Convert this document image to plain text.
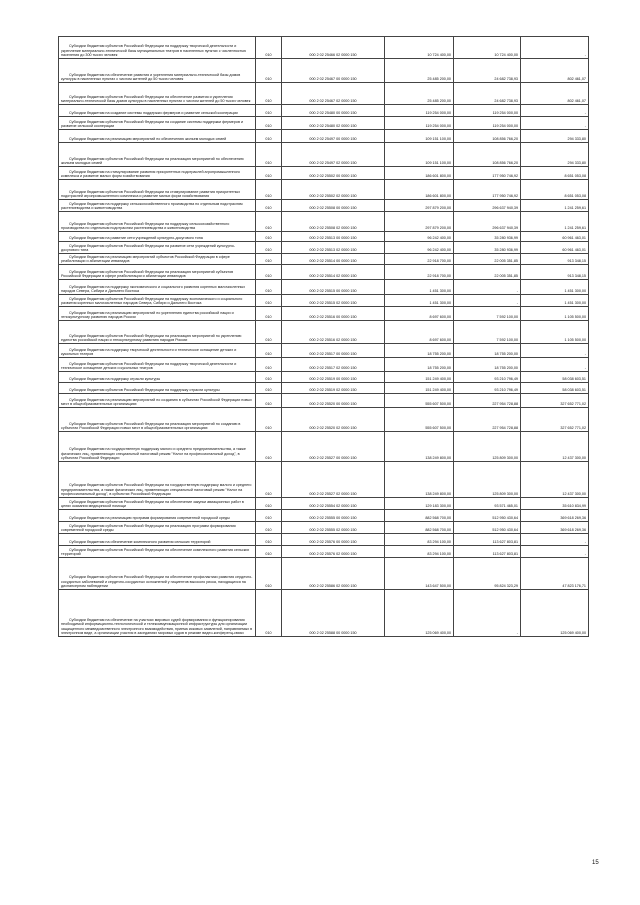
Субсидии бюджетам субъектов Российской Федерации на поддержку творческой деятельности и укрепление материально-технической базы муниципальных театров в населенных пунктах с численностью населения до 300 тысяч человек	010	000 2 02 25466 02 0000 150	10 724 400,00	10 724 400,00	-
Субсидии бюджетам на обеспечение развития и укрепления материально-технической базы домов культуры в населенных пунктах с числом жителей до 50 тысяч человек	010	000 2 02 25467 00 0000 150	25 485 200,00	24 682 738,93	802 461,07
Субсидии бюджетам субъектов Российской Федерации на обеспечение развития и укрепления материально-технической базы домов культуры в населенных пунктах с числом жителей до 50 тысяч человек	010	000 2 02 25467 02 0000 150	25 485 200,00	24 682 738,93	802 461,07
Субсидии бюджетам на создание системы поддержки фермеров и развитие сельской кооперации	010	000 2 02 25480 00 0000 150	119 254 000,00	119 254 000,00	-
Субсидии бюджетам субъектов Российской Федерации на создание системы поддержки фермеров и развитие сельской кооперации	010	000 2 02 25480 02 0000 150	119 254 000,00	119 254 000,00	-
Субсидии бюджетам на реализацию мероприятий по обеспечению жильем молодых семей	010	000 2 02 25497 00 0000 150	109 151 100,00	108 856 766,20	294 333,80
Субсидии бюджетам субъектов Российской Федерации на реализацию мероприятий по обеспечению жильем молодых семей	010	000 2 02 25497 02 0000 150	109 151 100,00	108 856 766,20	294 333,80
Субсидии бюджетам на стимулирование развития приоритетных подотраслей агропромышленного комплекса и развитие малых форм хозяйствования	010	000 2 02 25502 00 0000 150	186 601 800,00	177 950 746,92	8 651 053,08
Субсидии бюджетам субъектов Российской Федерации на стимулирование развития приоритетных подотраслей агропромышленного комплекса и развитие малых форм хозяйствования	010	000 2 02 25502 02 0000 150	186 601 800,00	177 950 746,92	8 651 053,08
Субсидии бюджетам на поддержку сельскохозяйственного производства по отдельным подотраслям растениеводства и животноводства	010	000 2 02 25508 00 0000 150	297 879 200,00	296 637 940,39	1 241 259,61
Субсидии бюджетам субъектов Российской Федерации на поддержку сельскохозяйственного производства по отдельным подотраслям растениеводства и животноводства	010	000 2 02 25508 02 0000 150	297 879 200,00	296 637 940,39	1 241 259,61
Субсидии бюджетам на развитие сети учреждений культурно-досугового типа	010	000 2 02 25513 00 0000 150	96 242 400,00	35 280 936,99	60 961 463,01
Субсидии бюджетам субъектов Российской Федерации на развитие сети учреждений культурно-досугового типа	010	000 2 02 25513 02 0000 150	96 242 400,00	35 280 936,99	60 961 463,01
Субсидии бюджетам на реализацию мероприятий субъектов Российской Федерации в сфере реабилитации и абилитации инвалидов	010	000 2 02 25514 00 0000 150	22 918 700,00	22 005 351,85	913 348,15
Субсидии бюджетам субъектов Российской Федерации на реализацию мероприятий субъектов Российской Федерации в сфере реабилитации и абилитации инвалидов	010	000 2 02 25514 02 0000 150	22 918 700,00	22 005 351,85	913 348,15
Субсидии бюджетам на поддержку экономического и социального развития коренных малочисленных народов Севера, Сибири и Дальнего Востока	010	000 2 02 25515 00 0000 150	1 451 300,00	-	1 451 300,00
Субсидии бюджетам субъектов Российской Федерации на поддержку экономического и социального развития коренных малочисленных народов Севера, Сибири и Дальнего Востока	010	000 2 02 25515 02 0000 150	1 451 300,00	-	1 451 300,00
Субсидии бюджетам на реализацию мероприятий по укреплению единства российской нации и этнокультурному развитию народов России	010	000 2 02 25516 00 0000 150	8 697 600,00	7 592 100,00	1 105 500,00
Субсидии бюджетам субъектов Российской Федерации на реализацию мероприятий по укреплению единства российской нации и этнокультурному развитию народов России	010	000 2 02 25516 02 0000 150	8 697 600,00	7 592 100,00	1 105 500,00
Субсидии бюджетам на поддержку творческой деятельности и техническое оснащение детских и кукольных театров	010	000 2 02 25517 00 0000 150	18 755 200,00	18 755 200,00	-
Субсидии бюджетам субъектов Российской Федерации на поддержку творческой деятельности и техническое оснащение детских и кукольных театров	010	000 2 02 25517 02 0000 150	18 755 200,00	18 755 200,00	-
Субсидии бюджетам на поддержку отрасли культуры	010	000 2 02 25519 00 0000 150	151 249 400,00	93 210 796,49	58 038 603,51
Субсидии бюджетам субъектов Российской Федерации на поддержку отрасли культуры	010	000 2 02 25519 02 0000 150	151 249 400,00	93 210 796,49	58 038 603,51
Субсидии бюджетам на реализацию мероприятий по созданию в субъектах Российской Федерации новых мест в общеобразовательных организациях	010	000 2 02 25520 00 0000 150	555 607 500,00	227 954 728,88	327 652 771,02
Субсидии бюджетам субъектов Российской Федерации на реализацию мероприятий по созданию в субъектах Российской Федерации новых мест в общеобразовательных организациях	010	000 2 02 25520 02 0000 150	555 607 500,00	227 954 728,88	327 652 771,02
Субсидии бюджетам на государственную поддержку малого и среднего предпринимательства, а также физических лиц, применяющих специальный налоговый режим "Налог на профессиональный доход", в субъектах Российской Федерации	010	000 2 02 25527 00 0000 150	138 249 800,00	125 809 300,00	12 437 300,00
Субсидии бюджетам субъектов Российской Федерации на государственную поддержку малого и среднего предпринимательства, а также физических лиц, применяющих специальный налоговый режим "Налог на профессиональный доход", в субъектах Российской Федерации	010	000 2 02 25527 02 0000 150	138 249 800,00	125 809 300,00	12 437 300,00
Субсидии бюджетам субъектов Российской Федерации на обеспечение закупки авиационных работ в целях оказания медицинской помощи	010	000 2 02 25554 02 0000 150	129 183 300,00	93 571 465,01	35 610 834,99
Субсидии бюджетам на реализацию программ формирования современной городской среды	010	000 2 02 25555 00 0000 150	882 568 700,00	512 950 430,64	369 618 269,36
Субсидии бюджетам субъектов Российской Федерации на реализацию программ формирования современной городской среды	010	000 2 02 25555 02 0000 150	882 568 700,00	512 950 430,64	369 618 269,36
Субсидии бюджетам на обеспечение комплексного развития сельских территорий	010	000 2 02 25576 00 0000 150	83 294 100,00	113 627 803,81	-
Субсидии бюджетам субъектов Российской Федерации на обеспечение комплексного развития сельских территорий	010	000 2 02 25576 02 0000 150	83 294 100,00	113 627 803,81	-
Субсидии бюджетам субъектов Российской Федерации на обеспечение профилактики развития сердечно-сосудистых заболеваний и сердечно-сосудистых осложнений у пациентов высокого риска, находящихся на диспансерном наблюдении	010	000 2 02 25586 02 0000 150	143 647 500,00	95 824 323,29	47 823 176,71
Субсидии бюджетам на обеспечение на участках мировых судей формирования и функционирования необходимой информационно-технологической и телекоммуникационной инфраструктуры для организации защищенного межведомственного электронного взаимодействия, приема исковых заявлений, направляемых в электронном виде, а организации участия в заседаниях мировых судов в режиме видео-конференц-связи	010	000 2 02 25588 00 0000 150	125 069 400,00	-	125 069 400,00
15
